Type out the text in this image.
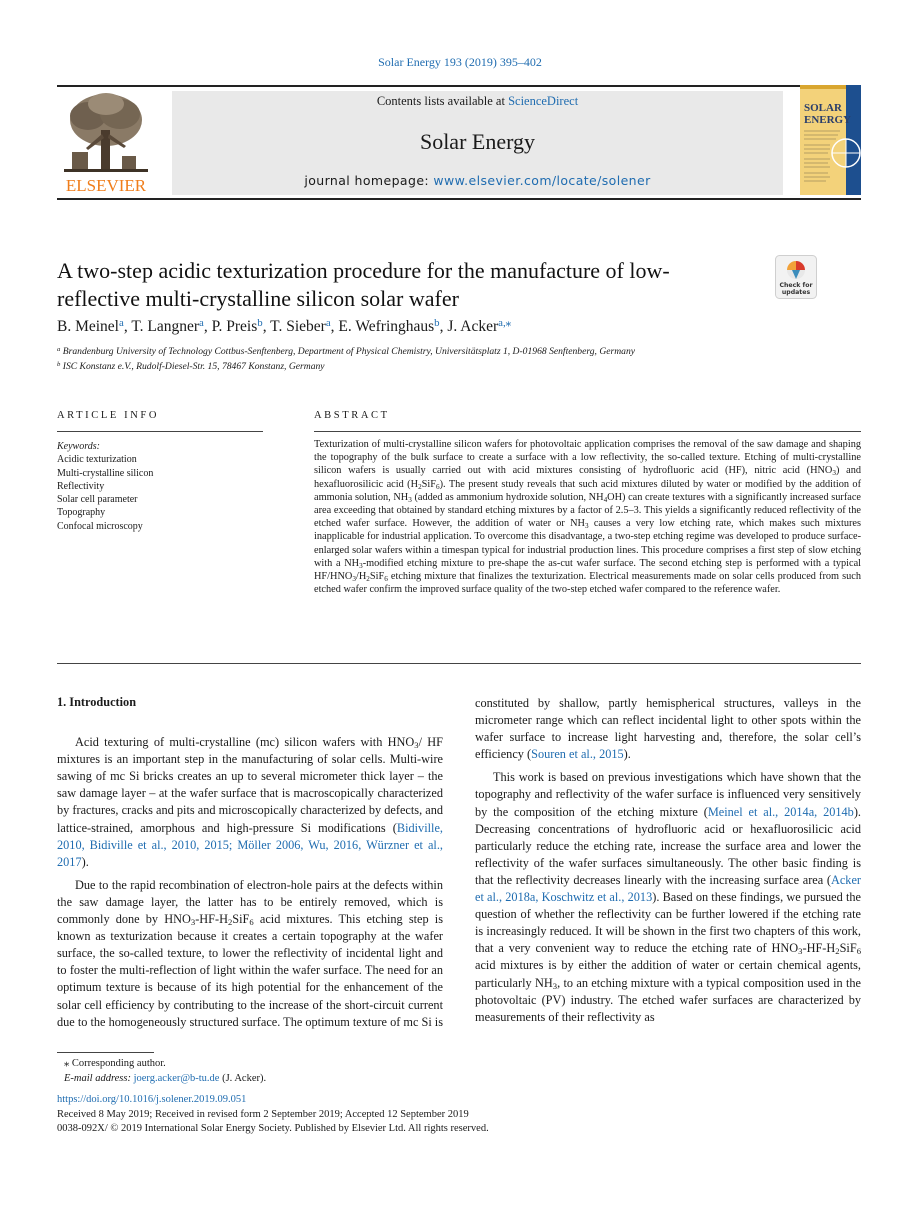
Solar Energy 193 (2019) 395–402
ELSEVIER
Contents lists available at ScienceDirect
Solar Energy
journal homepage: www.elsevier.com/locate/solener
SOLAR
ENERGY
A two-step acidic texturization procedure for the manufacture of low-reflective multi-crystalline silicon solar wafer
Check for
updates
B. Meinel$^a$, T. Langner$^a$, P. Preis$^b$, T. Sieber$^a$, E. Wefringhaus$^b$, J. Acker$^{a,⁎}$
$^a$ Brandenburg University of Technology Cottbus-Senftenberg, Department of Physical Chemistry, Universitätsplatz 1, D-01968 Senftenberg, Germany
$^b$ ISC Konstanz e.V., Rudolf-Diesel-Str. 15, 78467 Konstanz, Germany
ARTICLE INFO	ABSTRACT
Keywords:
Acidic texturization
Multi-crystalline silicon
Reflectivity
Solar cell parameter
Topography
Confocal microscopy
Texturization of multi-crystalline silicon wafers for photovoltaic application comprises the removal of the saw damage and shaping the topography of the bulk surface to create a surface with a low reflectivity, the so-called texture. Etching of multi-crystalline silicon wafers is usually carried out with acid mixtures consisting of hydrofluoric acid (HF), nitric acid $(HNO_3)$ and hexafluorosilicic acid $(H_2SiF_6)$. The present study reveals that such acid mixtures diluted by water or modified by the addition of ammonia solution, $NH_3$ (added as ammonium hydroxide solution, $NH_4OH$) can create textures with a significantly increased surface area exceeding that obtained by standard etching mixtures by a factor of 2.5–3. This yields a significantly reduced reflectivity of the etched wafer surface. However, the addition of water or $NH_3$ causes a very low etching rate, which makes such mixtures inapplicable for industrial application. To overcome this disadvantage, a two-step etching regime was developed to produce surface-enlarged solar wafers within a timespan typical for industrial production lines. This procedure comprises a first step of slow etching with a $NH_3$-modified etching mixture to pre-shape the as-cut wafer surface. The second etching step is performed with a typical $HF/HNO_3/H_2SiF_6$ etching mixture that finalizes the texturization. Electrical measurements made on solar cells produced from such etched wafer confirm the improved surface quality of the two-step etched wafer compared to the reference wafer.
1. Introduction

Acid texturing of multi-crystalline (mc) silicon wafers with $HNO_3/$ HF mixtures is an important step in the manufacturing of solar cells. Multi-wire sawing of mc Si bricks creates an up to several micrometer thick layer – the saw damage layer – at the wafer surface that is macroscopically characterized by fractures, cracks and pits and microscopically characterized by defects, and lattice-strained, amorphous and high-pressure Si modifications (Bidiville, 2010, Bidiville et al., 2010, 2015; Möller 2006, Wu, 2016, Würzner et al., 2017).

Due to the rapid recombination of electron-hole pairs at the defects within the saw damage layer, the latter has to be entirely removed, which is commonly done by $HNO_3-HF-H_2SiF_6$ acid mixtures. This etching step is known as texturization because it creates a certain topography at the wafer surface, the so-called texture, to lower the reflectivity of incidental light and to foster the multi-reflection of light within the wafer surface. The need for an optimum texture is because of its high potential for the enhancement of the solar cell efficiency by contributing to the increase of the short-circuit current due to the homogeneously structured surface. The optimum texture of mc Si is

constituted by shallow, partly hemispherical structures, valleys in the micrometer range which can reflect incidental light to other spots within the wafer surface to increase light harvesting and, therefore, the solar cell’s efficiency (Souren et al., 2015).

This work is based on previous investigations which have shown that the topography and reflectivity of the wafer surface is influenced very sensitively by the composition of the etching mixture (Meinel et al., 2014a, 2014b). Decreasing concentrations of hydrofluoric acid or hexafluorosilicic acid particularly reduce the etching rate, increase the surface area and lower the reflectivity of the wafer surfaces simultaneously. The other basic finding is that the reflectivity decreases linearly with the increasing surface area (Acker et al., 2018a, Koschwitz et al., 2013). Based on these findings, we pursued the question of whether the reflectivity can be further lowered if the etching rate is increasingly reduced. It will be shown in the first two chapters of this work, that a very convenient way to reduce the etching rate of $HNO_3-HF-H_2SiF_6$ acid mixtures is by either the addition of water or certain chemical agents, particularly $NH_3$, to an etching mixture with a typical composition used in the photovoltaic (PV) industry. The etched wafer surfaces are characterized by measurements of their reflectivity as

⁎ Corresponding author.
E-mail address: joerg.acker@b-tu.de (J. Acker).
https://doi.org/10.1016/j.solener.2019.09.051
Received 8 May 2019; Received in revised form 2 September 2019; Accepted 12 September 2019
0038-092X/ © 2019 International Solar Energy Society. Published by Elsevier Ltd. All rights reserved.
